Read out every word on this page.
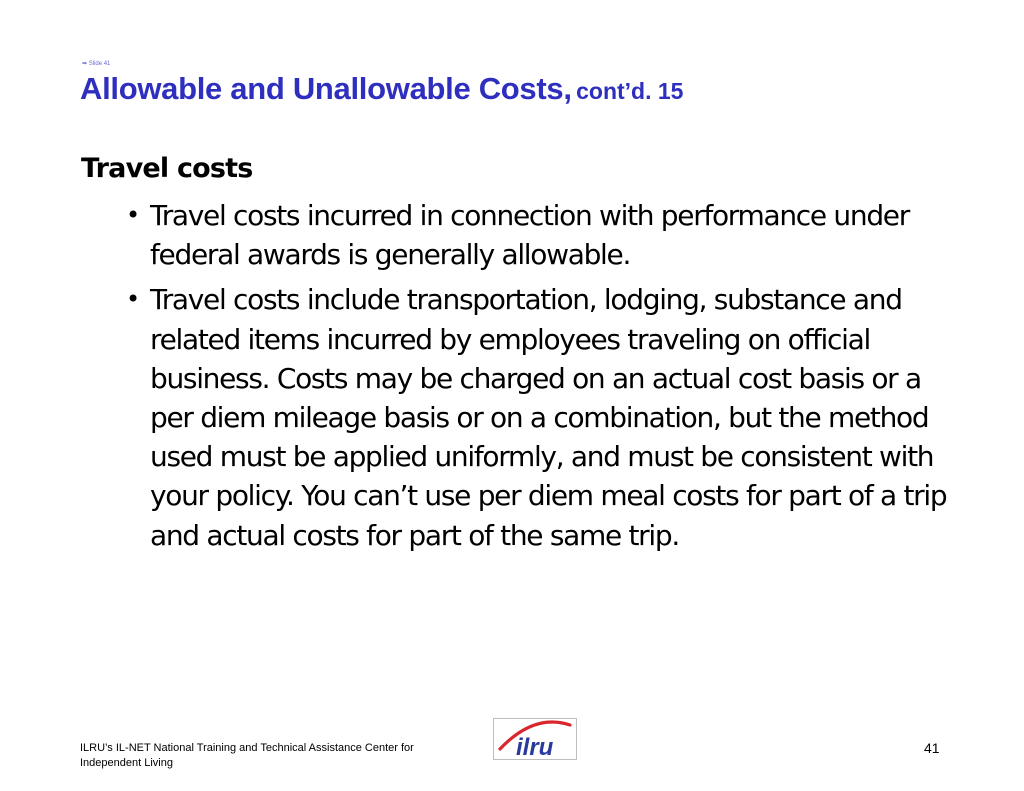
➡ Slide 41
Allowable and Unallowable Costs, cont’d. 15

Travel costs

• Travel costs incurred in connection with performance under federal awards is generally allowable.
• Travel costs include transportation, lodging, substance and related items incurred by employees traveling on official business. Costs may be charged on an actual cost basis or a per diem mileage basis or on a combination, but the method used must be applied uniformly, and must be consistent with your policy. You can’t use per diem meal costs for part of a trip and actual costs for part of the same trip.
ILRU’s IL-NET National Training and Technical Assistance Center for
Independent Living
ilru	41
